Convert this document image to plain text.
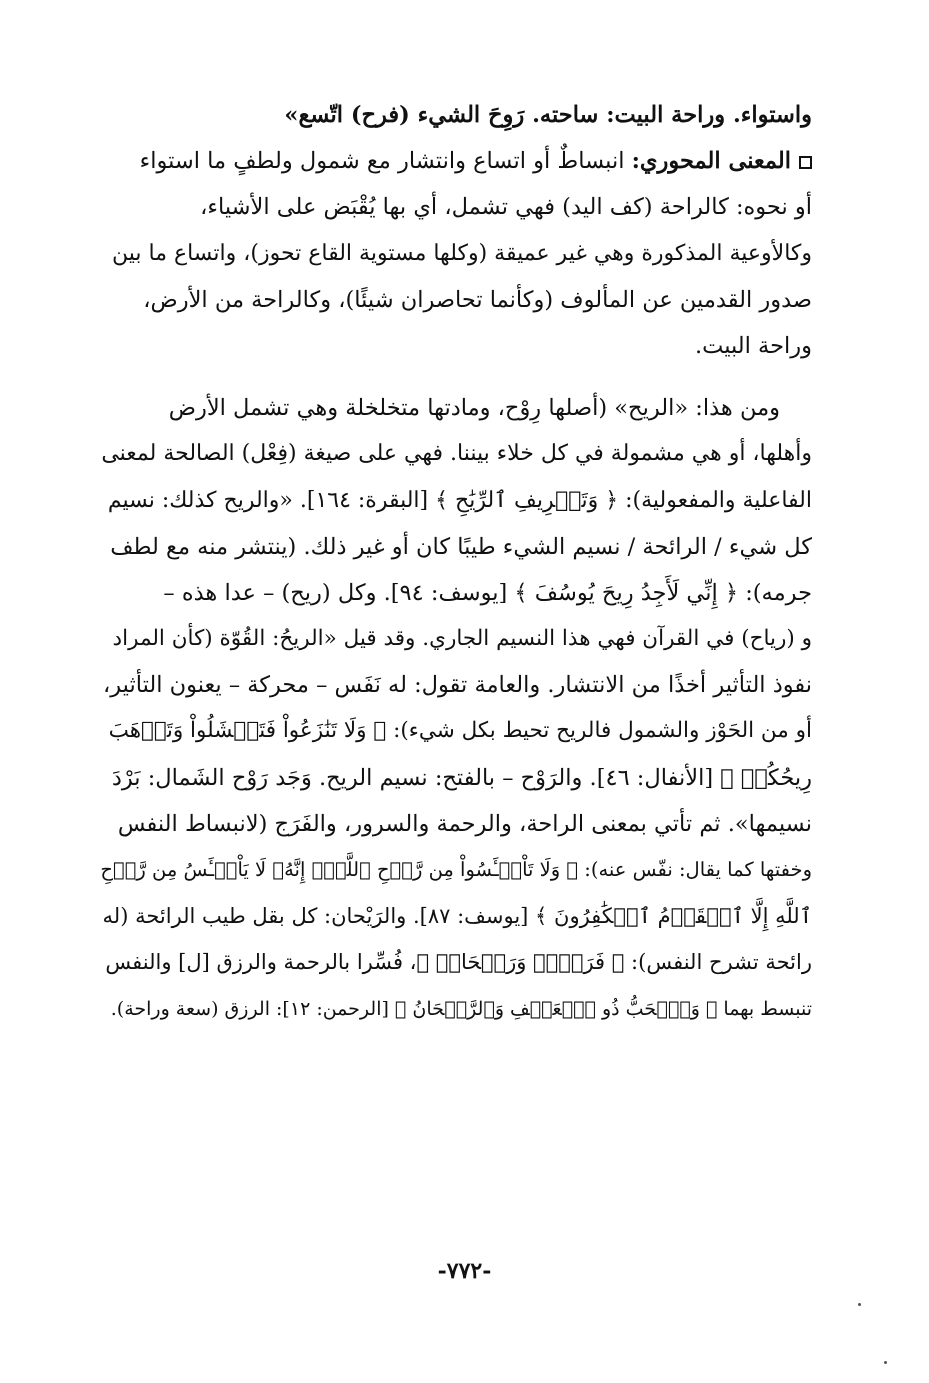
واستواء. وراحة البيت: ساحته. رَوِحَ الشيء (فرح) اتّسع»
المعنى المحوري: انبساطٌ أو اتساع وانتشار مع شمول ولطفٍ ما استواء
أو نحوه: كالراحة (كف اليد) فهي تشمل، أي بها يُقْبَض على الأشياء،
وكالأوعية المذكورة وهي غير عميقة (وكلها مستوية القاع تحوز)، واتساع ما بين
صدور القدمين عن المألوف (وكأنما تحاصران شيئًا)، وكالراحة من الأرض،
وراحة البيت.
ومن هذا: «الريح» (أصلها رِوْح، ومادتها متخلخلة وهي تشمل الأرض
وأهلها، أو هي مشمولة في كل خلاء بيننا. فهي على صيغة (فِعْل) الصالحة لمعنى
الفاعلية والمفعولية): ﴿ وَتَصۡرِيفِ ٱلرِّيَٰحِ ﴾ [البقرة: ١٦٤]. «والريح كذلك: نسيم
كل شيء / الرائحة / نسيم الشيء طيبًا كان أو غير ذلك. (ينتشر منه مع لطف
جرمه): ﴿ إِنِّي لَأَجِدُ رِيحَ يُوسُفَ ﴾ [يوسف: ٩٤]. وكل (ريح) – عدا هذه –
و (رياح) في القرآن فهي هذا النسيم الجاري. وقد قيل «الريحُ: القُوّة (كأن المراد
نفوذ التأثير أخذًا من الانتشار. والعامة تقول: له نَفَس – محركة – يعنون التأثير،
أو من الحَوْز والشمول فالريح تحيط بكل شيء): ﴿ وَلَا تَنَٰزَعُواْ فَتَفۡشَلُواْ وَتَذۡهَبَ
رِيحُكُمۡ ﴾ [الأنفال: ٤٦]. والرَوْح – بالفتح: نسيم الريح. وَجَد رَوْح الشَمال: بَرْدَ
نسيمها». ثم تأتي بمعنى الراحة، والرحمة والسرور، والفَرَج (لانبساط النفس
وخفتها كما يقال: نفّس عنه): ﴿ وَلَا تَاْيۡـَٔسُواْ مِن رَّوۡحِ ٱللَّهِۖ إِنَّهُۥ لَا يَاْيۡـَٔسُ مِن رَّوۡحِ
ٱللَّهِ إِلَّا ٱلۡقَوۡمُ ٱلۡكَٰفِرُونَ ﴾ [يوسف: ٨٧]. والرَيْحان: كل بقل طيب الرائحة (له
رائحة تشرح النفس): ﴿ فَرَوۡحٞ وَرَيۡحَانٞ ﴾، فُسِّرا بالرحمة والرزق [ل] والنفس
تنبسط بهما ﴿ وَٱلۡحَبُّ ذُو ٱلۡعَصۡفِ وَٱلرَّيۡحَانُ ﴾ [الرحمن: ١٢]: الرزق (سعة وراحة).
-٧٧٢-
